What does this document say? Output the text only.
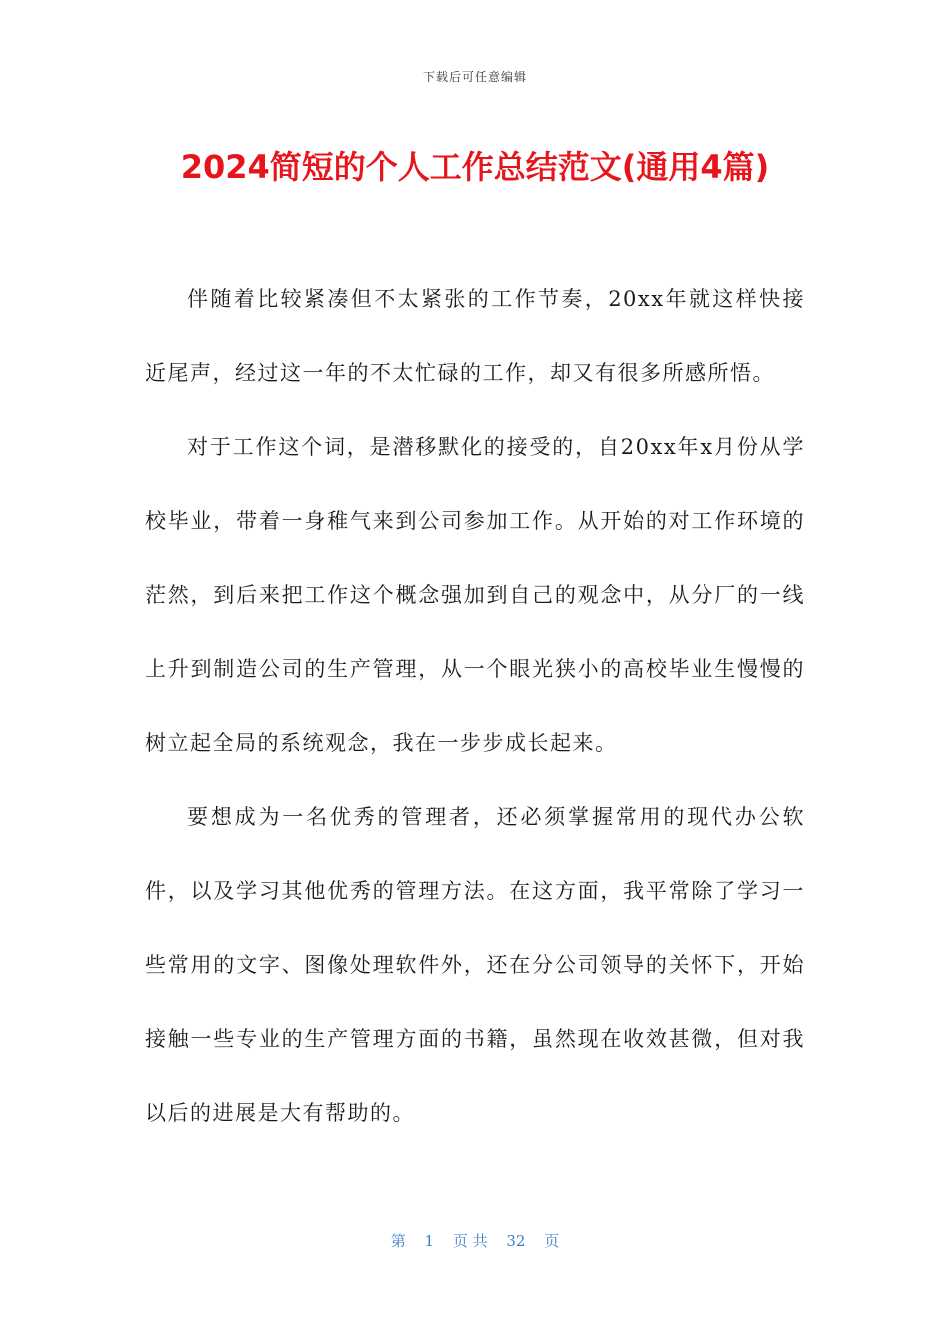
下载后可任意编辑
2024简短的个人工作总结范文(通用4篇)

伴随着比较紧凑但不太紧张的工作节奏，20xx年就这样快接近尾声，经过这一年的不太忙碌的工作，却又有很多所感所悟。

对于工作这个词，是潜移默化的接受的，自20xx年x月份从学校毕业，带着一身稚气来到公司参加工作。从开始的对工作环境的茫然，到后来把工作这个概念强加到自己的观念中，从分厂的一线上升到制造公司的生产管理，从一个眼光狭小的高校毕业生慢慢的树立起全局的系统观念，我在一步步成长起来。

要想成为一名优秀的管理者，还必须掌握常用的现代办公软件，以及学习其他优秀的管理方法。在这方面，我平常除了学习一些常用的文字、图像处理软件外，还在分公司领导的关怀下，开始接触一些专业的生产管理方面的书籍，虽然现在收效甚微，但对我以后的进展是大有帮助的。

第 1 页 共 32 页
